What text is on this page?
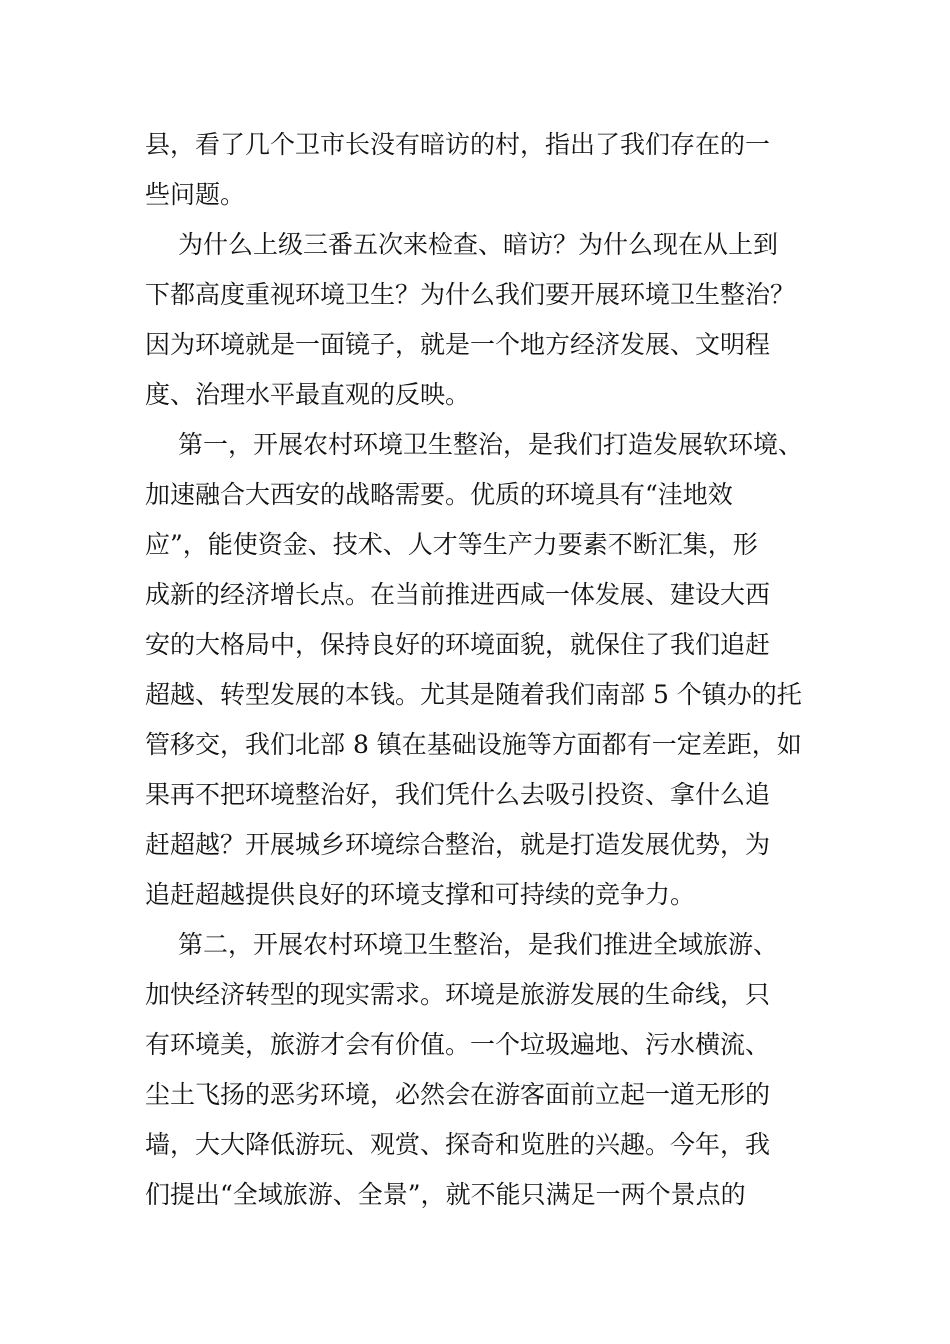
县，看了几个卫市长没有暗访的村，指出了我们存在的一
些问题。
为什么上级三番五次来检查、暗访？为什么现在从上到
下都高度重视环境卫生？为什么我们要开展环境卫生整治？
因为环境就是一面镜子，就是一个地方经济发展、文明程
度、治理水平最直观的反映。
第一，开展农村环境卫生整治，是我们打造发展软环境、
加速融合大西安的战略需要。优质的环境具有“洼地效
应”，能使资金、技术、人才等生产力要素不断汇集，形
成新的经济增长点。在当前推进西咸一体发展、建设大西
安的大格局中，保持良好的环境面貌，就保住了我们追赶
超越、转型发展的本钱。尤其是随着我们南部 5 个镇办的托
管移交，我们北部 8 镇在基础设施等方面都有一定差距，如
果再不把环境整治好，我们凭什么去吸引投资、拿什么追
赶超越？开展城乡环境综合整治，就是打造发展优势，为
追赶超越提供良好的环境支撑和可持续的竞争力。
第二，开展农村环境卫生整治，是我们推进全域旅游、
加快经济转型的现实需求。环境是旅游发展的生命线，只
有环境美，旅游才会有价值。一个垃圾遍地、污水横流、
尘土飞扬的恶劣环境，必然会在游客面前立起一道无形的
墙，大大降低游玩、观赏、探奇和览胜的兴趣。今年，我
们提出“全域旅游、全景”，就不能只满足一两个景点的
